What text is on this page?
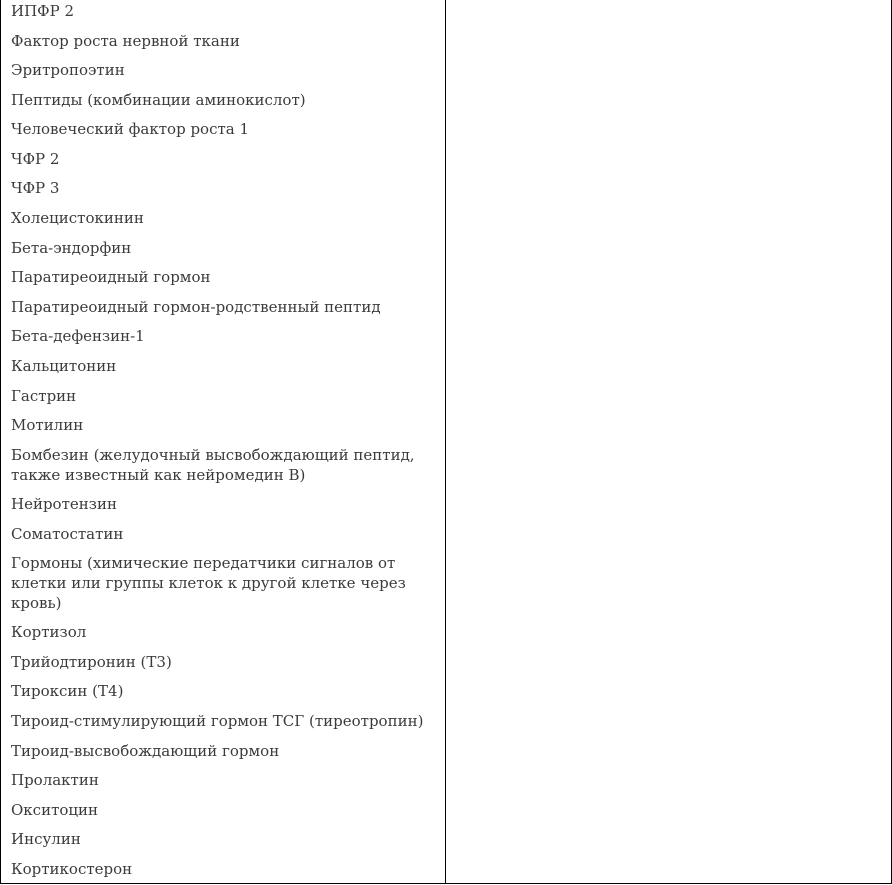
ИПФР 2
Фактор роста нервной ткани
Эритропоэтин
Пептиды (комбинации аминокислот)
Человеческий фактор роста 1
ЧФР 2
ЧФР 3
Холецистокинин
Бета-эндорфин
Паратиреоидный гормон
Паратиреоидный гормон-родственный пептид
Бета-дефензин-1
Кальцитонин
Гастрин
Мотилин
Бомбезин (желудочный высвобождающий пептид, также известный как нейромедин В)
Нейротензин
Соматостатин
Гормоны (химические передатчики сигналов от клетки или группы клеток к другой клетке через кровь)
Кортизол
Трийодтиронин (Т3)
Тироксин (Т4)
Тироид-стимулирующий гормон ТСГ (тиреотропин)
Тироид-высвобождающий гормон
Пролактин
Окситоцин
Инсулин
Кортикостерон
